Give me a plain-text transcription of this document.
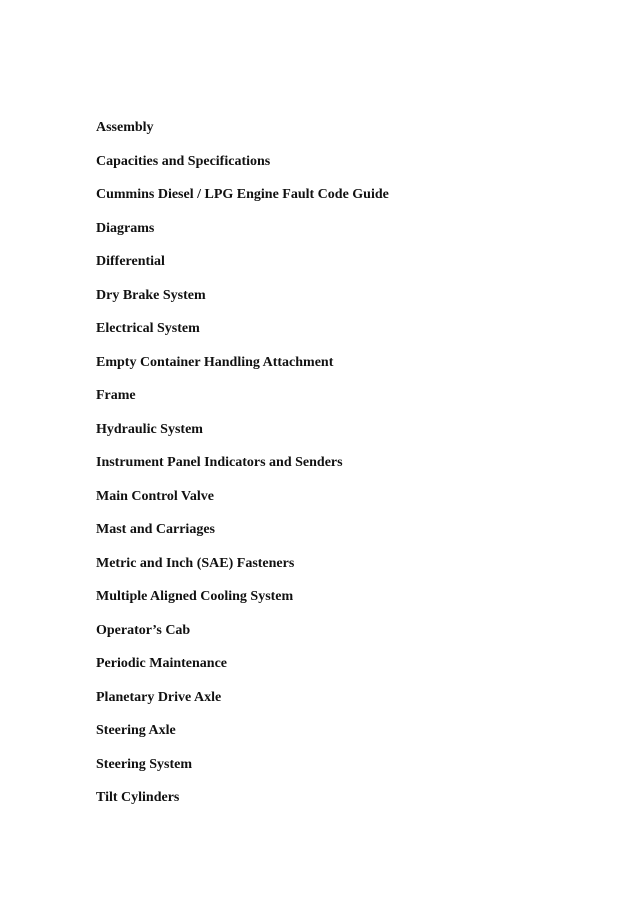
Assembly
Capacities and Specifications
Cummins Diesel / LPG Engine Fault Code Guide
Diagrams
Differential
Dry Brake System
Electrical System
Empty Container Handling Attachment
Frame
Hydraulic System
Instrument Panel Indicators and Senders
Main Control Valve
Mast and Carriages
Metric and Inch (SAE) Fasteners
Multiple Aligned Cooling System
Operator’s Cab
Periodic Maintenance
Planetary Drive Axle
Steering Axle
Steering System
Tilt Cylinders
